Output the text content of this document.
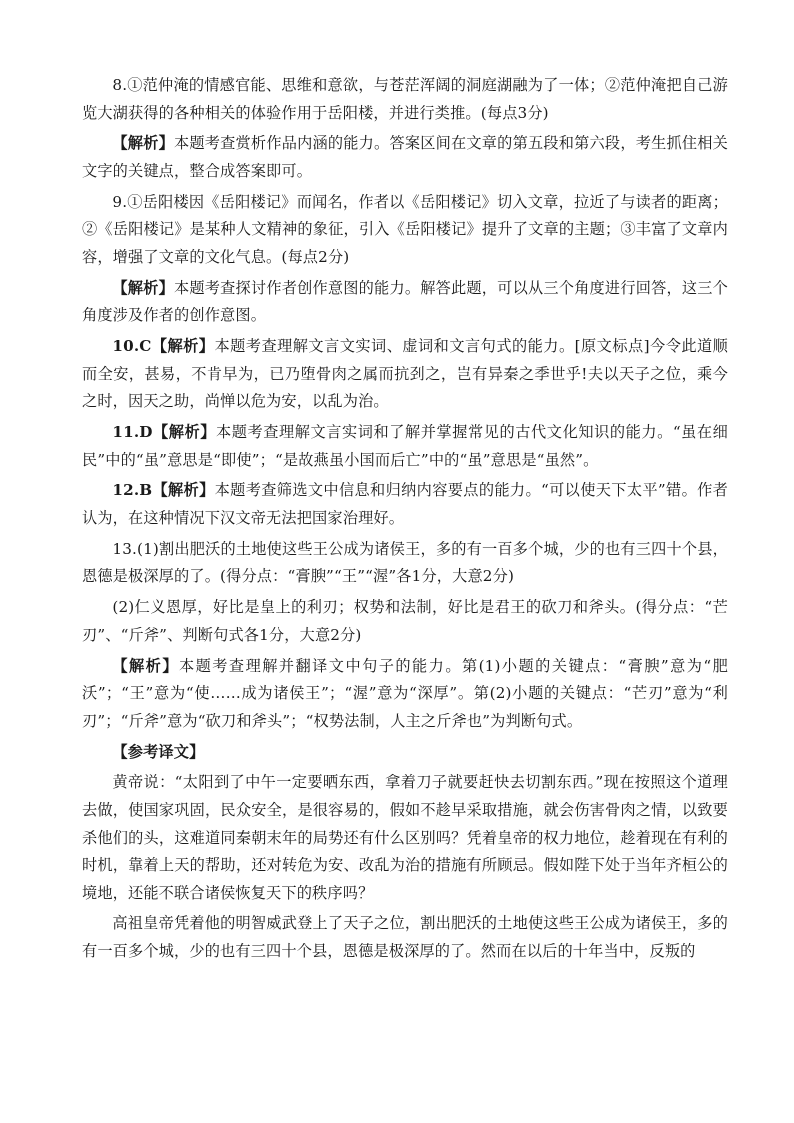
8.①范仲淹的情感官能、思维和意欲，与苍茫浑阔的洞庭湖融为了一体；②范仲淹把自己游览大湖获得的各种相关的体验作用于岳阳楼，并进行类推。(每点3分)

【解析】本题考查赏析作品内涵的能力。答案区间在文章的第五段和第六段，考生抓住相关文字的关键点，整合成答案即可。

9.①岳阳楼因《岳阳楼记》而闻名，作者以《岳阳楼记》切入文章，拉近了与读者的距离；②《岳阳楼记》是某种人文精神的象征，引入《岳阳楼记》提升了文章的主题；③丰富了文章内容，增强了文章的文化气息。(每点2分)

【解析】本题考查探讨作者创作意图的能力。解答此题，可以从三个角度进行回答，这三个角度涉及作者的创作意图。

10.C【解析】本题考查理解文言文实词、虚词和文言句式的能力。[原文标点]今令此道顺而全安，甚易，不肯早为，已乃堕骨肉之属而抗刭之，岂有异秦之季世乎!夫以天子之位，乘今之时，因天之助，尚惮以危为安，以乱为治。

11.D【解析】本题考查理解文言实词和了解并掌握常见的古代文化知识的能力。“虽在细民”中的“虽”意思是“即使”；“是故燕虽小国而后亡”中的“虽”意思是“虽然”。

12.B【解析】本题考查筛选文中信息和归纳内容要点的能力。“可以使天下太平”错。作者认为，在这种情况下汉文帝无法把国家治理好。

13.(1)割出肥沃的土地使这些王公成为诸侯王，多的有一百多个城，少的也有三四十个县，恩德是极深厚的了。(得分点：“膏腴”“王”“渥”各1分，大意2分)

(2)仁义恩厚，好比是皇上的利刃；权势和法制，好比是君王的砍刀和斧头。(得分点：“芒刃”、“斤斧”、判断句式各1分，大意2分)

【解析】本题考查理解并翻译文中句子的能力。第(1)小题的关键点：“膏腴”意为“肥沃”；“王”意为“使……成为诸侯王”；“渥”意为“深厚”。第(2)小题的关键点：“芒刃”意为“利刃”；“斤斧”意为“砍刀和斧头”；“权势法制，人主之斤斧也”为判断句式。

【参考译文】

黄帝说：“太阳到了中午一定要晒东西，拿着刀子就要赶快去切割东西。”现在按照这个道理去做，使国家巩固，民众安全，是很容易的，假如不趁早采取措施，就会伤害骨肉之情，以致要杀他们的头，这难道同秦朝末年的局势还有什么区别吗？凭着皇帝的权力地位，趁着现在有利的时机，靠着上天的帮助，还对转危为安、改乱为治的措施有所顾忌。假如陛下处于当年齐桓公的境地，还能不联合诸侯恢复天下的秩序吗？

高祖皇帝凭着他的明智威武登上了天子之位，割出肥沃的土地使这些王公成为诸侯王，多的有一百多个城，少的也有三四十个县，恩德是极深厚的了。然而在以后的十年当中，反叛的
